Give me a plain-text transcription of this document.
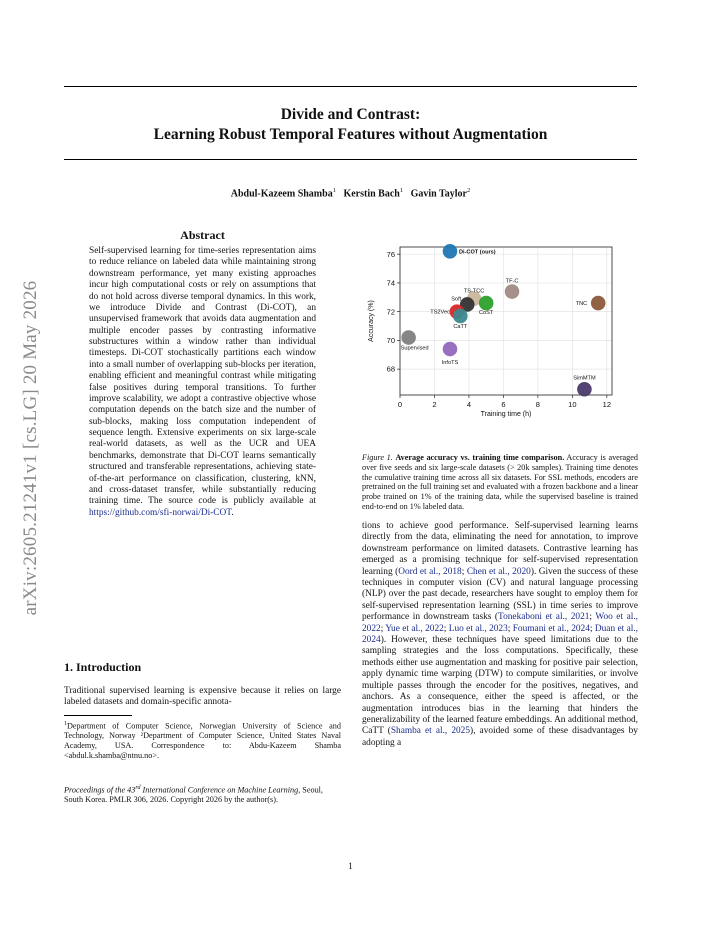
Divide and Contrast:
Learning Robust Temporal Features without Augmentation
Abdul-Kazeem Shamba$^1$ Kerstin Bach$^1$ Gavin Taylor$^2$
arXiv:2605.21241v1 [cs.LG] 20 May 2026
Abstract
Self-supervised learning for time-series representation aims to reduce reliance on labeled data while maintaining strong downstream performance, yet many existing approaches incur high computational costs or rely on assumptions that do not hold across diverse temporal dynamics. In this work, we introduce Divide and Contrast (Di-COT), an unsupervised framework that avoids data augmentation and multiple encoder passes by contrasting informative substructures within a window rather than individual timesteps. Di-COT stochastically partitions each window into a small number of overlapping sub-blocks per iteration, enabling efficient and meaningful contrast while mitigating false positives during temporal transitions. To further improve scalability, we adopt a contrastive objective whose computation depends on the batch size and the number of sub-blocks, making loss computation independent of sequence length. Extensive experiments on six large-scale real-world datasets, as well as the UCR and UEA benchmarks, demonstrate that Di-COT learns semantically structured and transferable representations, achieving state-of-the-art performance on classification, clustering, kNN, and cross-dataset transfer, while substantially reducing training time. The source code is publicly available at https://github.com/sfi-norwai/Di-COT.
1. Introduction
Traditional supervised learning is expensive because it relies on large labeled datasets and domain-specific annota-
$^1$Department of Computer Science, Norwegian University of Science and Technology, Norway ²Department of Computer Science, United States Naval Academy, USA. Correspondence to: Abdu-Kazeem Shamba <abdul.k.shamba@ntnu.no>.
Proceedings of the 43rd International Conference on Machine Learning, Seoul, South Korea. PMLR 306, 2026. Copyright 2026 by the author(s).
0	2	4	6	8	10	12
68
70
72
74
76
Training time (h)
Accuracy (%)
Di-COT (ours)
TS-TCC
TF-C
TNC
Soft
CoST
TS2Vec
CaTT
Supervised
InfoTS
SimMTM
Figure 1. Average accuracy vs. training time comparison. Accuracy is averaged over five seeds and six large-scale datasets (> 20k samples). Training time denotes the cumulative training time across all six datasets. For SSL methods, encoders are pretrained on the full training set and evaluated with a frozen backbone and a linear probe trained on 1% of the training data, while the supervised baseline is trained end-to-end on 1% labeled data.
tions to achieve good performance. Self-supervised learning learns directly from the data, eliminating the need for annotation, to improve downstream performance on limited datasets. Contrastive learning has emerged as a promising technique for self-supervised representation learning (Oord et al., 2018; Chen et al., 2020). Given the success of these techniques in computer vision (CV) and natural language processing (NLP) over the past decade, researchers have sought to employ them for self-supervised representation learning (SSL) in time series to improve performance in downstream tasks (Tonekaboni et al., 2021; Woo et al., 2022; Yue et al., 2022; Luo et al., 2023; Foumani et al., 2024; Duan et al., 2024). However, these techniques have speed limitations due to the sampling strategies and the loss computations. Specifically, these methods either use augmentation and masking for positive pair selection, apply dynamic time warping (DTW) to compute similarities, or involve multiple passes through the encoder for the positives, negatives, and anchors. As a consequence, either the speed is affected, or the augmentation introduces bias in the learning that hinders the generalizability of the learned feature embeddings. An additional method, CaTT (Shamba et al., 2025), avoided some of these disadvantages by adopting a
1
